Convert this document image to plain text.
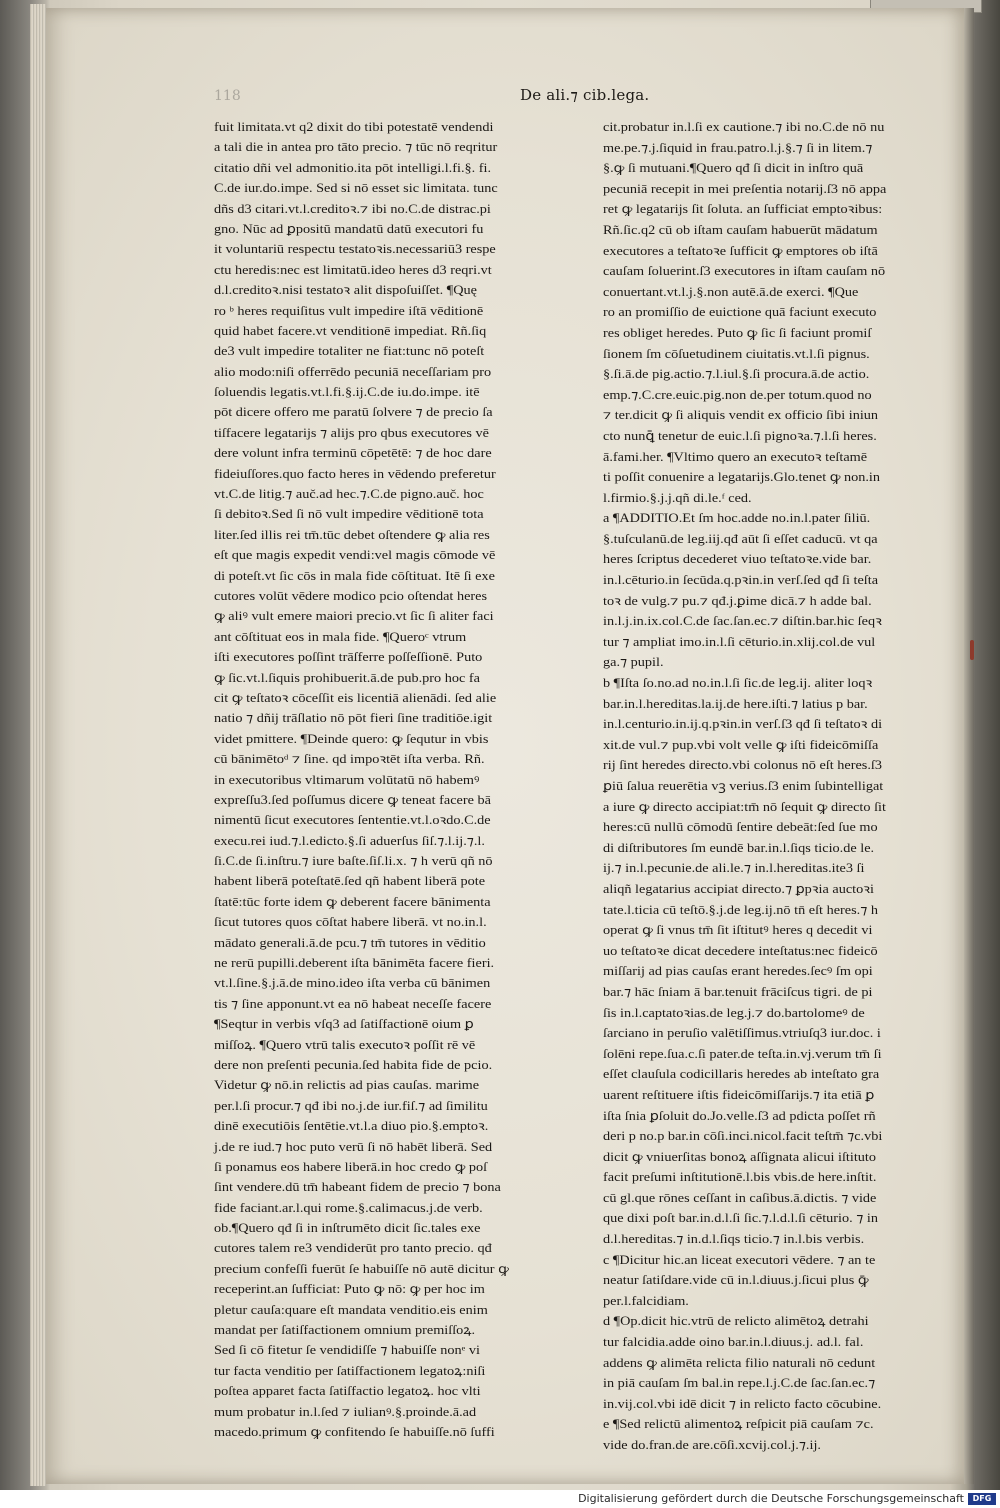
118	De ali.⁊ cib.lega.
fuit limitata.vt q2 dixit do tibi potestatē vendendi
a tali die in antea pro tāto precio. ⁊ tūc nō reqritur
citatio dñi vel admonitio.ita pōt intelligi.l.fi.§. fi.
C.de iur.do.impe. Sed si nō esset sic limitata. tunc
dñs d3 citari.vt.l.creditoꝛ.⁊ ibi no.C.de distrac.pi
gno. Nūc ad ꝑpositū mandatū datū executori fu
it voluntariū respectu testatoꝛis.necessariū3 respe
ctu heredis:nec est limitatū.ideo heres d3 reqri.vt
d.l.creditoꝛ.nisi testatoꝛ alit dispoſuiſſet. ¶Quę
ro ᵇ heres requiſitus vult impedire iſtā vēditionē
quid habet facere.vt venditionē impediat. Rñ.ſiq
de3 vult impedire totaliter ne fiat:tunc nō poteſt
alio modo:niſi offerrēdo pecuniā neceſſariam pro
ſoluendis legatis.vt.l.fi.§.ij.C.de iu.do.impe. itē
pōt dicere offero me paratū ſolvere ⁊ de precio ſa
tiſfacere legatarijs ⁊ alijs pro qbus executores vē
dere volunt infra terminū cōpetētē: ⁊ de hoc dare
fideiuſſores.quo facto heres in vēdendo preferetur
vt.C.de litig.⁊ auč.ad hec.⁊.C.de pigno.auč. hoc
ſi debitoꝛ.Sed ſi nō vult impedire vēditionē tota
liter.ſed illis rei tm̄.tūc debet oſtendere ꝙ alia res
eſt que magis expedit vendi:vel magis cōmode vē
di poteſt.vt ſic cōs in mala fide cōſtituat. Itē ſi exe
cutores volūt vēdere modico pcio oſtendat heres
ꝙ aliꝰ vult emere maiori precio.vt ſic ſi aliter faci
ant cōſtituat eos in mala fide. ¶Queroᶜ vtrum
iſti executores poſſint trāſferre poſſeſſionē. Puto
ꝙ ſic.vt.l.ſiquis prohibuerit.ā.de pub.pro hoc fa
cit ꝙ teſtatoꝛ cōceſſit eis licentiā alienādi. ſed alie
natio ⁊ dñij trāſlatio nō pōt fieri ſine traditiōe.igit
videt pmittere. ¶Deinde quero: ꝙ ſequtur in vbis
cū bānimētoᵈ ⁊ ſine. qd impoꝛtēt iſta verba. Rñ.
in executoribus vltimarum volūtatū nō habemꝰ
expreſſu3.ſed poſſumus dicere ꝙ teneat facere bā
nimentū ſicut executores ſententie.vt.l.oꝛdo.C.de
execu.rei iud.⁊.l.edicto.§.ſi aduerſus ſiſ.⁊.l.ij.⁊.l.
ſi.C.de ſi.inſtru.⁊ iure baſte.ſiſ.li.x. ⁊ h verū qñ nō
habent liberā poteſtatē.ſed qñ habent liberā pote
ſtatē:tūc forte idem ꝙ deberent facere bānimenta
ſicut tutores quos cōſtat habere liberā. vt no.in.l.
mādato generali.ā.de pcu.⁊ tm̄ tutores in vēditio
ne rerū pupilli.deberent iſta bānimēta facere fieri.
vt.l.ſine.§.j.ā.de mino.ideo iſta verba cū bānimen
tis ⁊ ſine apponunt.vt ea nō habeat neceſſe facere
¶Seqtur in verbis vſq3 ad ſatiſfactionē oium ꝑ
miſſoꝝ. ¶Quero vtrū talis executoꝛ poſſit rē vē
dere non preſenti pecunia.ſed habita fide de pcio.
Videtur ꝙ nō.in relictis ad pias cauſas. marime
per.l.ſi procur.⁊ qđ ibi no.j.de iur.fiſ.⁊ ad ſimilitu
dinē executiōis ſentētie.vt.l.a diuo pio.§.emptoꝛ.
j.de re iud.⁊ hoc puto verū ſi nō habēt liberā. Sed
ſi ponamus eos habere liberā.in hoc credo ꝙ poſ
ſint vendere.dū tm̄ habeant fidem de precio ⁊ bona
fide faciant.ar.l.qui rome.§.calimacus.j.de verb.
ob.¶Quero qđ ſi in inſtrumēto dicit ſic.tales exe
cutores talem re3 vendiderūt pro tanto precio. qđ
precium confeſſi fuerūt ſe habuiſſe nō autē dicitur ꝙ
receperint.an ſufficiat: Puto ꝙ nō: ꝙ per hoc im
pletur cauſa:quare eſt mandata venditio.eis enim
mandat per ſatiſfactionem omnium premiſſoꝝ.
Sed ſi cō fitetur ſe vendidiſſe ⁊ habuiſſe nonᵉ vi
tur facta venditio per ſatiſfactionem legatoꝝ:niſi
poſtea apparet facta ſatiſfactio legatoꝝ. hoc vlti
mum probatur in.l.ſed ⁊ iulianꝰ.§.proinde.ā.ad
macedo.primum ꝙ confitendo ſe habuiſſe.nō ſuffi
cit.probatur in.l.ſi ex cautione.⁊ ibi no.C.de nō nu
me.pe.⁊.j.ſiquid in frau.patro.l.j.§.⁊ ſi in litem.⁊
§.ꝙ ſi mutuani.¶Quero qđ ſi dicit in inſtro quā
pecuniā recepit in mei preſentia notarij.ſ3 nō appa
ret ꝙ legatarijs ſit ſoluta. an ſufficiat emptoꝛibus:
Rñ.ſic.q2 cū ob iſtam cauſam habuerūt mādatum
executores a teſtatoꝛe ſufficit ꝙ emptores ob iſtā
cauſam ſoluerint.ſ3 executores in iſtam cauſam nō
conuertant.vt.l.j.§.non autē.ā.de exerci. ¶Que
ro an promiſſio de euictione quā faciunt executo
res obliget heredes. Puto ꝙ ſic ſi faciunt promiſ
ſionem ſm cōſuetudinem ciuitatis.vt.l.ſi pignus.
§.ſi.ā.de pig.actio.⁊.l.iul.§.ſi procura.ā.de actio.
emp.⁊.C.cre.euic.pig.non de.per totum.quod no
⁊ ter.dicit ꝙ ſi aliquis vendit ex officio ſibi iniun
cto nunꝗ̄ tenetur de euic.l.ſi pignoꝛa.⁊.l.ſi heres.
ā.fami.her. ¶Vltimo quero an executoꝛ teſtamē
ti poſſit conuenire a legatarijs.Glo.tenet ꝙ non.in
l.firmio.§.j.j.qñ di.le.ᶠ ced.
a ¶ADDITIO.Et ſm hoc.adde no.in.l.pater ſiliū.
§.tuſculanū.de leg.iij.qđ aūt ſi eſſet caducū. vt qa
heres ſcriptus decederet viuo teſtatoꝛe.vide bar.
in.l.cēturio.in ſecūda.q.pꝛin.in verſ.ſed qđ ſi teſta
toꝛ de vulg.⁊ pu.⁊ qđ.j.ꝑime dicā.⁊ h adde bal.
in.l.j.in.ix.col.C.de ſac.ſan.ec.⁊ diſtin.bar.hic ſeqꝛ
tur ⁊ ampliat imo.in.l.ſi cēturio.in.xlij.col.de vul
ga.⁊ pupil.
b ¶Iſta ſo.no.ad no.in.l.ſi ſic.de leg.ij. aliter loqꝛ
bar.in.l.hereditas.la.ij.de here.iſti.⁊ latius p bar.
in.l.centurio.in.ij.q.pꝛin.in verſ.ſ3 qđ ſi teſtatoꝛ di
xit.de vul.⁊ pup.vbi volt velle ꝙ iſti fideicōmiſſa
rij ſint heredes directo.vbi colonus nō eſt heres.ſ3
ꝑiū ſalua reuerētia vꝫ verius.ſ3 enim ſubintelligat
a iure ꝙ directo accipiat:tm̄ nō ſequit ꝙ directo ſit
heres:cū nullū cōmodū ſentire debeāt:ſed ſue mo
di diſtributores ſm eundē bar.in.l.ſiqs ticio.de le.
ij.⁊ in.l.pecunie.de ali.le.⁊ in.l.hereditas.ite3 ſi
aliqñ legatarius accipiat directo.⁊ ꝑpꝛia auctoꝛi
tate.l.ticia cū teſtō.§.j.de leg.ij.nō tn̄ eſt heres.⁊ h
operat ꝙ ſi vnus tm̄ ſit iſtitutꝰ heres q decedit vi
uo teſtatoꝛe dicat decedere inteſtatus:nec fideicō
miſſarij ad pias cauſas erant heredes.ſecꝰ ſm opi
bar.⁊ hāc ſniam ā bar.tenuit frāciſcus tigri. de pi
ſis in.l.captatoꝛias.de leg.j.⁊ do.bartolomeꝰ de
ſarciano in peruſio valētiſſimus.vtriuſq3 iur.doc. i
ſolēni repe.ſua.c.ſi pater.de teſta.in.vj.verum tm̄ ſi
eſſet clauſula codicillaris heredes ab inteſtato gra
uarent reſtituere iſtis fideicōmiſſarijs.⁊ ita etiā ꝑ
iſta ſnia ꝑſoluit do.Jo.velle.ſ3 ad pdicta poſſet rñ
deri p no.p bar.in cōſi.inci.nicol.facit teſtm̄ ⁊c.vbi
dicit ꝙ vniuerſitas bonoꝝ aſſignata alicui iſtituto
facit preſumi inſtitutionē.l.bis vbis.de here.inſtit.
cū gl.que rōnes ceſſant in caſibus.ā.dictis. ⁊ vide
que dixi poſt bar.in.d.l.ſi ſic.⁊.l.d.l.ſi cēturio. ⁊ in
d.l.hereditas.⁊ in.d.l.ſiqs ticio.⁊ in.l.bis verbis.
c ¶Dicitur hic.an liceat executori vēdere. ⁊ an te
neatur ſatiſdare.vide cū in.l.diuus.j.ſicui plus ꝙ̄
per.l.falcidiam.
d ¶Op.dicit hic.vtrū de relicto alimētoꝝ detrahi
tur falcidia.adde oino bar.in.l.diuus.j. ad.l. fal.
addens ꝙ alimēta relicta filio naturali nō cedunt
in piā cauſam ſm bal.in repe.l.j.C.de ſac.ſan.ec.⁊
in.vij.col.vbi idē dicit ⁊ in relicto facto cōcubine.
e ¶Sed relictū alimentoꝝ reſpicit piā cauſam ⁊c.
vide do.fran.de are.cōſi.xcvij.col.j.⁊.ij.
Digitalisierung gefördert durch die Deutsche Forschungsgemeinschaft	DFG
